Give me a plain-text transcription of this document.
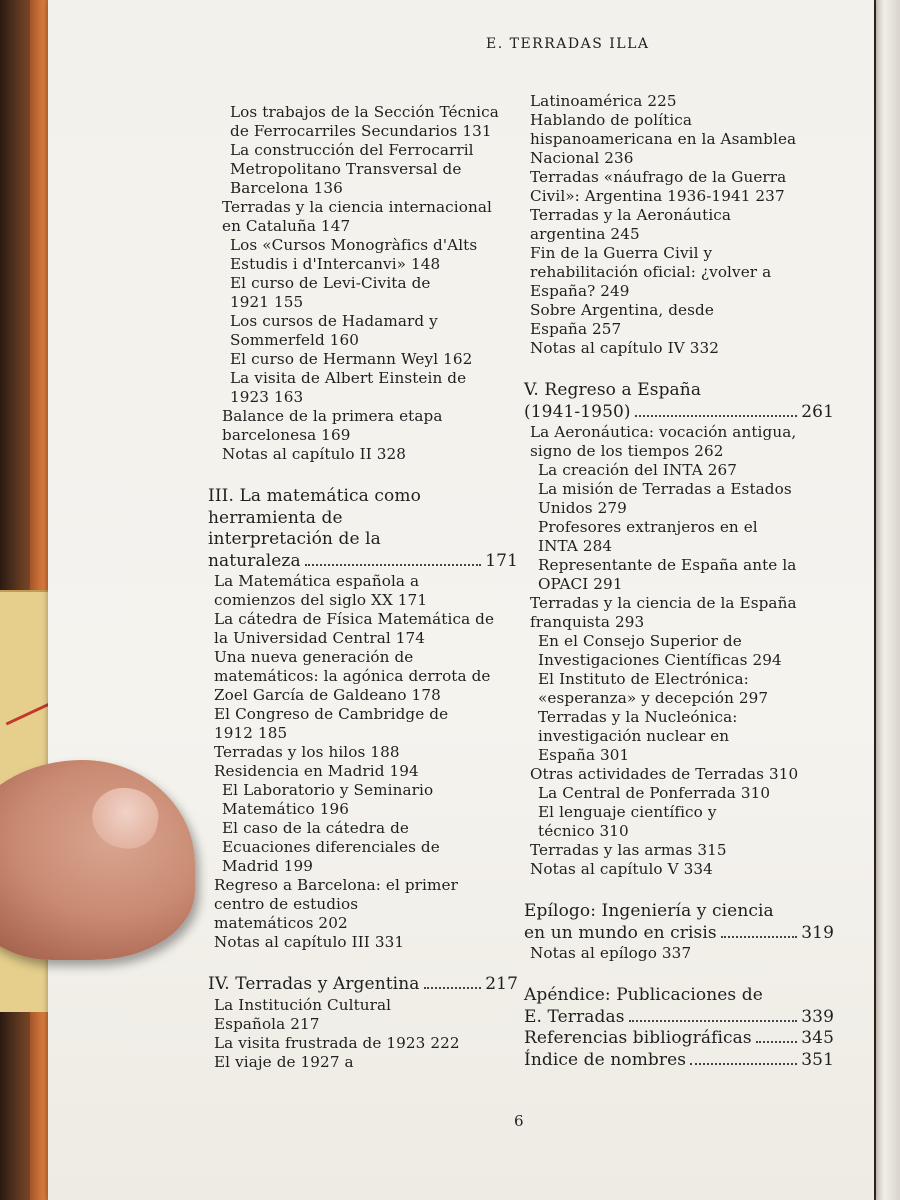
E. TERRADAS ILLA
Los trabajos de la Sección Técnica
de Ferrocarriles Secundarios 131
La construcción del Ferrocarril
Metropolitano Transversal de
Barcelona 136
Terradas y la ciencia internacional
en Cataluña 147
Los «Cursos Monogràfics d'Alts
Estudis i d'Intercanvi» 148
El curso de Levi-Civita de
1921 155
Los cursos de Hadamard y
Sommerfeld 160
El curso de Hermann Weyl 162
La visita de Albert Einstein de
1923 163
Balance de la primera etapa
barcelonesa 169
Notas al capítulo II 328
III. La matemática como
herramienta de
interpretación de la
naturaleza	171
La Matemática española a
comienzos del siglo XX 171
La cátedra de Física Matemática de
la Universidad Central 174
Una nueva generación de
matemáticos: la agónica derrota de
Zoel García de Galdeano 178
El Congreso de Cambridge de
1912 185
Terradas y los hilos 188
Residencia en Madrid 194
El Laboratorio y Seminario
Matemático 196
El caso de la cátedra de
Ecuaciones diferenciales de
Madrid 199
Regreso a Barcelona: el primer
centro de estudios
matemáticos 202
Notas al capítulo III 331
IV. Terradas y Argentina	217
La Institución Cultural
Española 217
La visita frustrada de 1923 222
El viaje de 1927 a
Latinoamérica 225
Hablando de política
hispanoamericana en la Asamblea
Nacional 236
Terradas «náufrago de la Guerra
Civil»: Argentina 1936-1941 237
Terradas y la Aeronáutica
argentina 245
Fin de la Guerra Civil y
rehabilitación oficial: ¿volver a
España? 249
Sobre Argentina, desde
España 257
Notas al capítulo IV 332
V. Regreso a España
(1941-1950)	261
La Aeronáutica: vocación antigua,
signo de los tiempos 262
La creación del INTA 267
La misión de Terradas a Estados
Unidos 279
Profesores extranjeros en el
INTA 284
Representante de España ante la
OPACI 291
Terradas y la ciencia de la España
franquista 293
En el Consejo Superior de
Investigaciones Científicas 294
El Instituto de Electrónica:
«esperanza» y decepción 297
Terradas y la Nucleónica:
investigación nuclear en
España 301
Otras actividades de Terradas 310
La Central de Ponferrada 310
El lenguaje científico y
técnico 310
Terradas y las armas 315
Notas al capítulo V 334
Epílogo: Ingeniería y ciencia
en un mundo en crisis	319
Notas al epílogo 337
Apéndice: Publicaciones de
E. Terradas	339
Referencias bibliográficas	345
Índice de nombres	351
6
